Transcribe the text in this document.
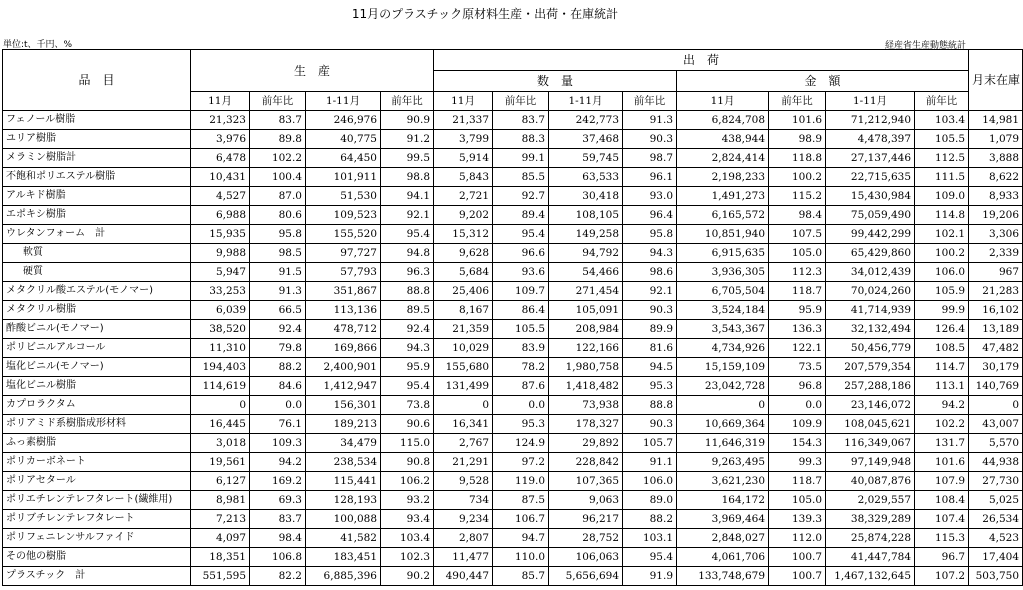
11月のプラスチック原材料生産・出荷・在庫統計
単位:t、千円、%	経産省生産動態統計
品　目	生　産				出　荷								月末在庫
					数　量				金　額				
	11月	前年比	1-11月	前年比	11月	前年比	1-11月	前年比	11月	前年比	1-11月	前年比	
フェノール樹脂	21,323	83.7	246,976	90.9	21,337	83.7	242,773	91.3	6,824,708	101.6	71,212,940	103.4	14,981
ユリア樹脂	3,976	89.8	40,775	91.2	3,799	88.3	37,468	90.3	438,944	98.9	4,478,397	105.5	1,079
メラミン樹脂計	6,478	102.2	64,450	99.5	5,914	99.1	59,745	98.7	2,824,414	118.8	27,137,446	112.5	3,888
不飽和ポリエステル樹脂	10,431	100.4	101,911	98.8	5,843	85.5	63,533	96.1	2,198,233	100.2	22,715,635	111.5	8,622
アルキド樹脂	4,527	87.0	51,530	94.1	2,721	92.7	30,418	93.0	1,491,273	115.2	15,430,984	109.0	8,933
エポキシ樹脂	6,988	80.6	109,523	92.1	9,202	89.4	108,105	96.4	6,165,572	98.4	75,059,490	114.8	19,206
ウレタンフォーム　計	15,935	95.8	155,520	95.4	15,312	95.4	149,258	95.8	10,851,940	107.5	99,442,299	102.1	3,306
軟質	9,988	98.5	97,727	94.8	9,628	96.6	94,792	94.3	6,915,635	105.0	65,429,860	100.2	2,339
硬質	5,947	91.5	57,793	96.3	5,684	93.6	54,466	98.6	3,936,305	112.3	34,012,439	106.0	967
メタクリル酸エステル(モノマー)	33,253	91.3	351,867	88.8	25,406	109.7	271,454	92.1	6,705,504	118.7	70,024,260	105.9	21,283
メタクリル樹脂	6,039	66.5	113,136	89.5	8,167	86.4	105,091	90.3	3,524,184	95.9	41,714,939	99.9	16,102
酢酸ビニル(モノマー)	38,520	92.4	478,712	92.4	21,359	105.5	208,984	89.9	3,543,367	136.3	32,132,494	126.4	13,189
ポリビニルアルコール	11,310	79.8	169,866	94.3	10,029	83.9	122,166	81.6	4,734,926	122.1	50,456,779	108.5	47,482
塩化ビニル(モノマー)	194,403	88.2	2,400,901	95.9	155,680	78.2	1,980,758	94.5	15,159,109	73.5	207,579,354	114.7	30,179
塩化ビニル樹脂	114,619	84.6	1,412,947	95.4	131,499	87.6	1,418,482	95.3	23,042,728	96.8	257,288,186	113.1	140,769
カプロラクタム	0	0.0	156,301	73.8	0	0.0	73,938	88.8	0	0.0	23,146,072	94.2	0
ポリアミド系樹脂成形材料	16,445	76.1	189,213	90.6	16,341	95.3	178,327	90.3	10,669,364	109.9	108,045,621	102.2	43,007
ふっ素樹脂	3,018	109.3	34,479	115.0	2,767	124.9	29,892	105.7	11,646,319	154.3	116,349,067	131.7	5,570
ポリカーボネート	19,561	94.2	238,534	90.8	21,291	97.2	228,842	91.1	9,263,495	99.3	97,149,948	101.6	44,938
ポリアセタール	6,127	169.2	115,441	106.2	9,528	119.0	107,365	106.0	3,621,230	118.7	40,087,876	107.9	27,730
ポリエチレンテレフタレート(繊維用)	8,981	69.3	128,193	93.2	734	87.5	9,063	89.0	164,172	105.0	2,029,557	108.4	5,025
ポリブチレンテレフタレート	7,213	83.7	100,088	93.4	9,234	106.7	96,217	88.2	3,969,464	139.3	38,329,289	107.4	26,534
ポリフェニレンサルファイド	4,097	98.4	41,582	103.4	2,807	94.7	28,752	103.1	2,848,027	112.0	25,874,228	115.3	4,523
その他の樹脂	18,351	106.8	183,451	102.3	11,477	110.0	106,063	95.4	4,061,706	100.7	41,447,784	96.7	17,404
プラスチック　計	551,595	82.2	6,885,396	90.2	490,447	85.7	5,656,694	91.9	133,748,679	100.7	1,467,132,645	107.2	503,750
